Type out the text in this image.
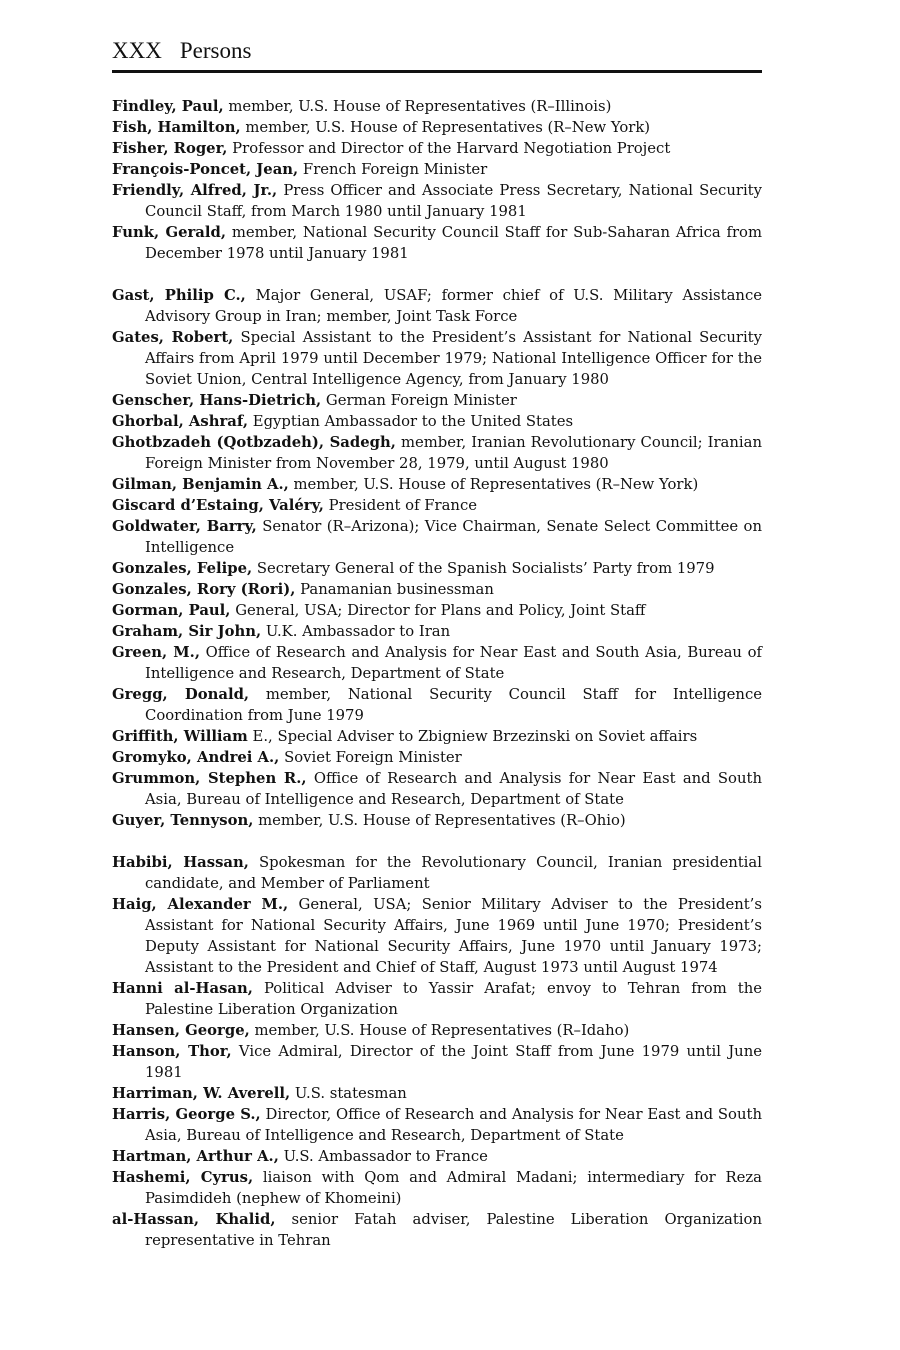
XXX Persons

Findley, Paul, member, U.S. House of Representatives (R–Illinois)

Fish, Hamilton, member, U.S. House of Representatives (R–New York)

Fisher, Roger, Professor and Director of the Harvard Negotiation Project

François-Poncet, Jean, French Foreign Minister

Friendly, Alfred, Jr., Press Officer and Associate Press Secretary, National Security Council Staff, from March 1980 until January 1981

Funk, Gerald, member, National Security Council Staff for Sub-Saharan Africa from December 1978 until January 1981

Gast, Philip C., Major General, USAF; former chief of U.S. Military Assistance Advisory Group in Iran; member, Joint Task Force

Gates, Robert, Special Assistant to the President’s Assistant for National Security Affairs from April 1979 until December 1979; National Intelligence Officer for the Soviet Union, Central Intelligence Agency, from January 1980

Genscher, Hans-Dietrich, German Foreign Minister

Ghorbal, Ashraf, Egyptian Ambassador to the United States

Ghotbzadeh (Qotbzadeh), Sadegh, member, Iranian Revolutionary Council; Iranian Foreign Minister from November 28, 1979, until August 1980

Gilman, Benjamin A., member, U.S. House of Representatives (R–New York)

Giscard d’Estaing, Valéry, President of France

Goldwater, Barry, Senator (R–Arizona); Vice Chairman, Senate Select Committee on Intelligence

Gonzales, Felipe, Secretary General of the Spanish Socialists’ Party from 1979

Gonzales, Rory (Rori), Panamanian businessman

Gorman, Paul, General, USA; Director for Plans and Policy, Joint Staff

Graham, Sir John, U.K. Ambassador to Iran

Green, M., Office of Research and Analysis for Near East and South Asia, Bureau of Intelligence and Research, Department of State

Gregg, Donald, member, National Security Council Staff for Intelligence Coordination from June 1979

Griffith, William E., Special Adviser to Zbigniew Brzezinski on Soviet affairs

Gromyko, Andrei A., Soviet Foreign Minister

Grummon, Stephen R., Office of Research and Analysis for Near East and South Asia, Bureau of Intelligence and Research, Department of State

Guyer, Tennyson, member, U.S. House of Representatives (R–Ohio)

Habibi, Hassan, Spokesman for the Revolutionary Council, Iranian presidential candidate, and Member of Parliament

Haig, Alexander M., General, USA; Senior Military Adviser to the President’s Assistant for National Security Affairs, June 1969 until June 1970; President’s Deputy Assistant for National Security Affairs, June 1970 until January 1973; Assistant to the President and Chief of Staff, August 1973 until August 1974

Hanni al-Hasan, Political Adviser to Yassir Arafat; envoy to Tehran from the Palestine Liberation Organization

Hansen, George, member, U.S. House of Representatives (R–Idaho)

Hanson, Thor, Vice Admiral, Director of the Joint Staff from June 1979 until June 1981

Harriman, W. Averell, U.S. statesman

Harris, George S., Director, Office of Research and Analysis for Near East and South Asia, Bureau of Intelligence and Research, Department of State

Hartman, Arthur A., U.S. Ambassador to France

Hashemi, Cyrus, liaison with Qom and Admiral Madani; intermediary for Reza Pasimdideh (nephew of Khomeini)

al-Hassan, Khalid, senior Fatah adviser, Palestine Liberation Organization representative in Tehran
